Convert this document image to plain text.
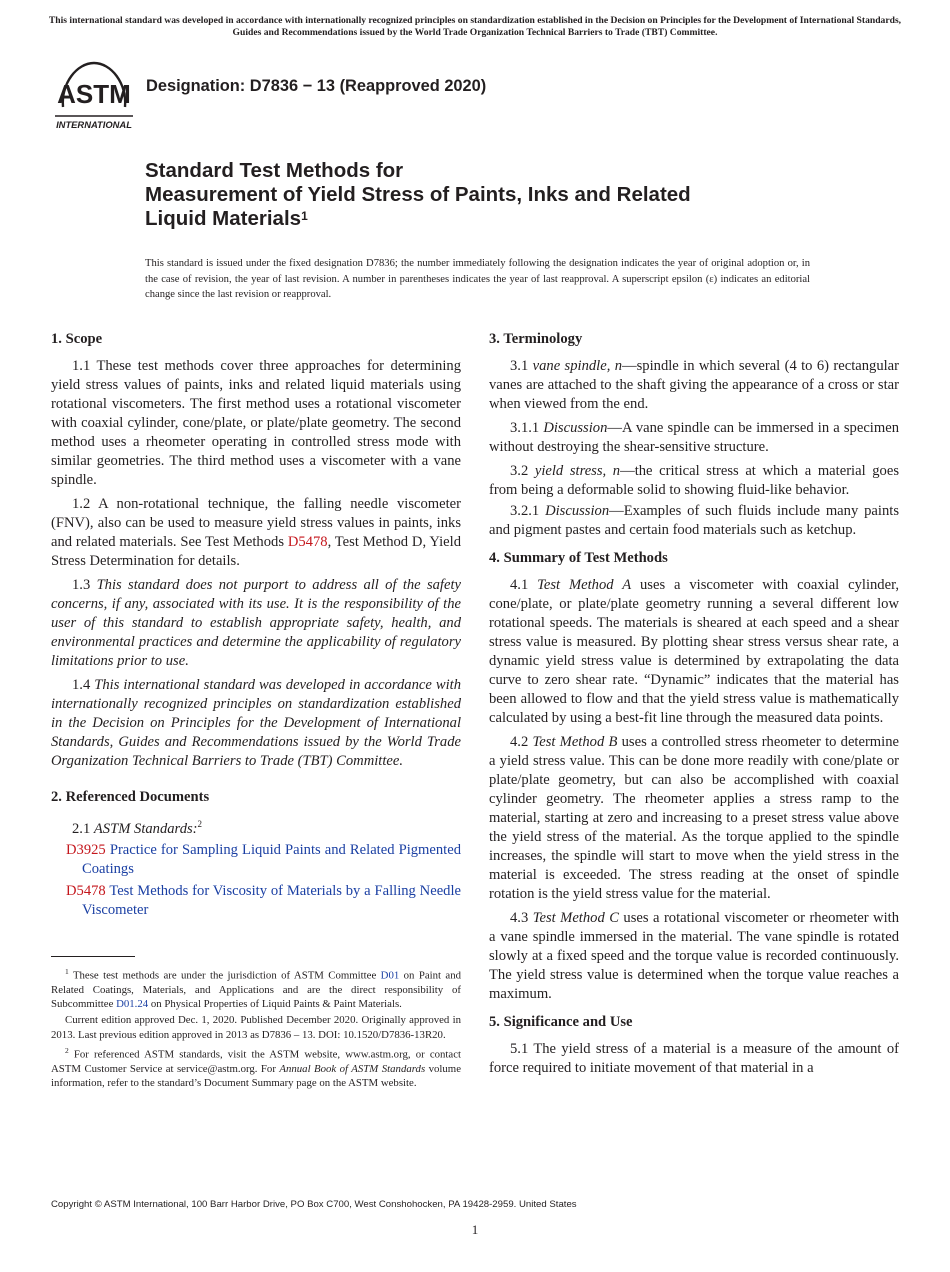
This international standard was developed in accordance with internationally recognized principles on standardization established in the Decision on Principles for the Development of International Standards, Guides and Recommendations issued by the World Trade Organization Technical Barriers to Trade (TBT) Committee.
ASTM
INTERNATIONAL
Designation: D7836 − 13 (Reapproved 2020)
Standard Test Methods for
Measurement of Yield Stress of Paints, Inks and Related
Liquid Materials$^1$
This standard is issued under the fixed designation D7836; the number immediately following the designation indicates the year of original adoption or, in the case of revision, the year of last revision. A number in parentheses indicates the year of last reapproval. A superscript epsilon (ε) indicates an editorial change since the last revision or reapproval.
1. Scope

1.1 These test methods cover three approaches for determining yield stress values of paints, inks and related liquid materials using rotational viscometers. The first method uses a rotational viscometer with coaxial cylinder, cone/plate, or plate/plate geometry. The second method uses a rheometer operating in controlled stress mode with similar geometries. The third method uses a viscometer with a vane spindle.

1.2 A non-rotational technique, the falling needle viscometer (FNV), also can be used to measure yield stress values in paints, inks and related materials. See Test Methods D5478, Test Method D, Yield Stress Determination for details.

1.3 This standard does not purport to address all of the safety concerns, if any, associated with its use. It is the responsibility of the user of this standard to establish appropriate safety, health, and environmental practices and determine the applicability of regulatory limitations prior to use.

1.4 This international standard was developed in accordance with internationally recognized principles on standardization established in the Decision on Principles for the Development of International Standards, Guides and Recommendations issued by the World Trade Organization Technical Barriers to Trade (TBT) Committee.

2. Referenced Documents

2.1 ASTM Standards:$^2$

D3925 Practice for Sampling Liquid Paints and Related Pigmented Coatings
D5478 Test Methods for Viscosity of Materials by a Falling Needle Viscometer
$^1$ These test methods are under the jurisdiction of ASTM Committee D01 on Paint and Related Coatings, Materials, and Applications and are the direct responsibility of Subcommittee D01.24 on Physical Properties of Liquid Paints & Paint Materials.
Current edition approved Dec. 1, 2020. Published December 2020. Originally approved in 2013. Last previous edition approved in 2013 as D7836 – 13. DOI: 10.1520/D7836-13R20.
$^2$ For referenced ASTM standards, visit the ASTM website, www.astm.org, or contact ASTM Customer Service at service@astm.org. For Annual Book of ASTM Standards volume information, refer to the standard’s Document Summary page on the ASTM website.
3. Terminology

3.1 vane spindle, n—spindle in which several (4 to 6) rectangular vanes are attached to the shaft giving the appearance of a cross or star when viewed from the end.

3.1.1 Discussion—A vane spindle can be immersed in a specimen without destroying the shear-sensitive structure.

3.2 yield stress, n—the critical stress at which a material goes from being a deformable solid to showing fluid-like behavior.

3.2.1 Discussion—Examples of such fluids include many paints and pigment pastes and certain food materials such as ketchup.

4. Summary of Test Methods

4.1 Test Method A uses a viscometer with coaxial cylinder, cone/plate, or plate/plate geometry running a several different low rotational speeds. The materials is sheared at each speed and a shear stress value is measured. By plotting shear stress versus shear rate, a dynamic yield stress value is determined by extrapolating the data curve to zero shear rate. “Dynamic” indicates that the material has been allowed to flow and that the yield stress value is mathematically calculated by using a best-fit line through the measured data points.

4.2 Test Method B uses a controlled stress rheometer to determine a yield stress value. This can be done more readily with cone/plate or plate/plate geometry, but can also be accomplished with coaxial cylinder geometry. The rheometer applies a stress ramp to the material, starting at zero and increasing to a preset stress value above the yield stress of the material. As the torque applied to the spindle increases, the spindle will start to move when the yield stress in the material is exceeded. The stress reading at the onset of spindle rotation is the yield stress value for the material.

4.3 Test Method C uses a rotational viscometer or rheometer with a vane spindle immersed in the material. The vane spindle is rotated slowly at a fixed speed and the torque value is recorded continuously. The yield stress value is determined when the torque value reaches a maximum.

5. Significance and Use

5.1 The yield stress of a material is a measure of the amount of force required to initiate movement of that material in a

Copyright © ASTM International, 100 Barr Harbor Drive, PO Box C700, West Conshohocken, PA 19428-2959. United States
1
